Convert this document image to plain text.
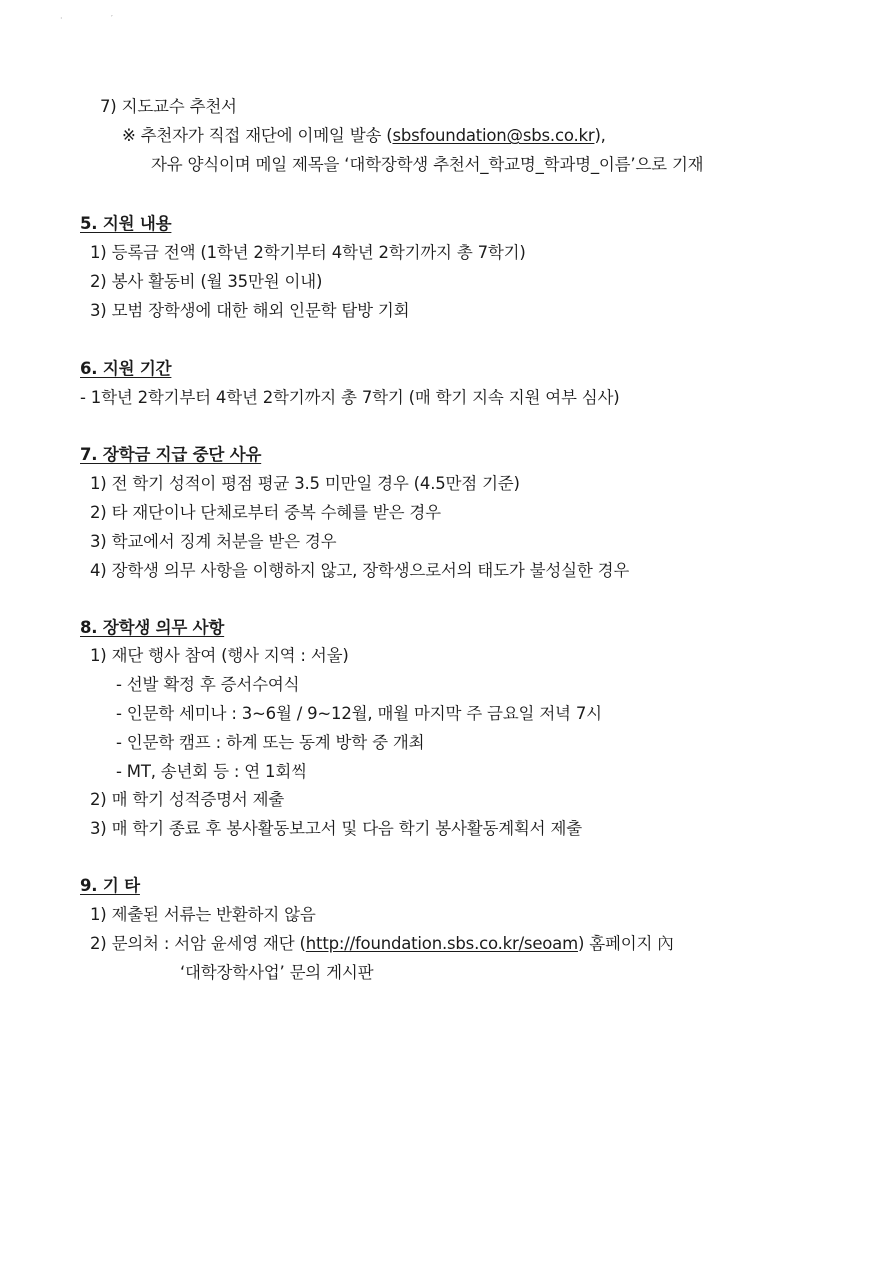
·	′
7) 지도교수 추천서
※ 추천자가 직접 재단에 이메일 발송 (sbsfoundation@sbs.co.kr),
자유 양식이며 메일 제목을 ‘대학장학생 추천서_학교명_학과명_이름’으로 기재
5. 지원 내용
1) 등록금 전액 (1학년 2학기부터 4학년 2학기까지 총 7학기)
2) 봉사 활동비 (월 35만원 이내)
3) 모범 장학생에 대한 해외 인문학 탐방 기회
6. 지원 기간
- 1학년 2학기부터 4학년 2학기까지 총 7학기 (매 학기 지속 지원 여부 심사)
7. 장학금 지급 중단 사유
1) 전 학기 성적이 평점 평균 3.5 미만일 경우 (4.5만점 기준)
2) 타 재단이나 단체로부터 중복 수혜를 받은 경우
3) 학교에서 징계 처분을 받은 경우
4) 장학생 의무 사항을 이행하지 않고, 장학생으로서의 태도가 불성실한 경우
8. 장학생 의무 사항
1) 재단 행사 참여 (행사 지역 : 서울)
- 선발 확정 후 증서수여식
- 인문학 세미나 : 3~6월 / 9~12월, 매월 마지막 주 금요일 저녁 7시
- 인문학 캠프 : 하계 또는 동계 방학 중 개최
- MT, 송년회 등 : 연 1회씩
2) 매 학기 성적증명서 제출
3) 매 학기 종료 후 봉사활동보고서 및 다음 학기 봉사활동계획서 제출
9. 기 타
1) 제출된 서류는 반환하지 않음
2) 문의처 : 서암 윤세영 재단 (http://foundation.sbs.co.kr/seoam) 홈페이지 內
‘대학장학사업’ 문의 게시판
